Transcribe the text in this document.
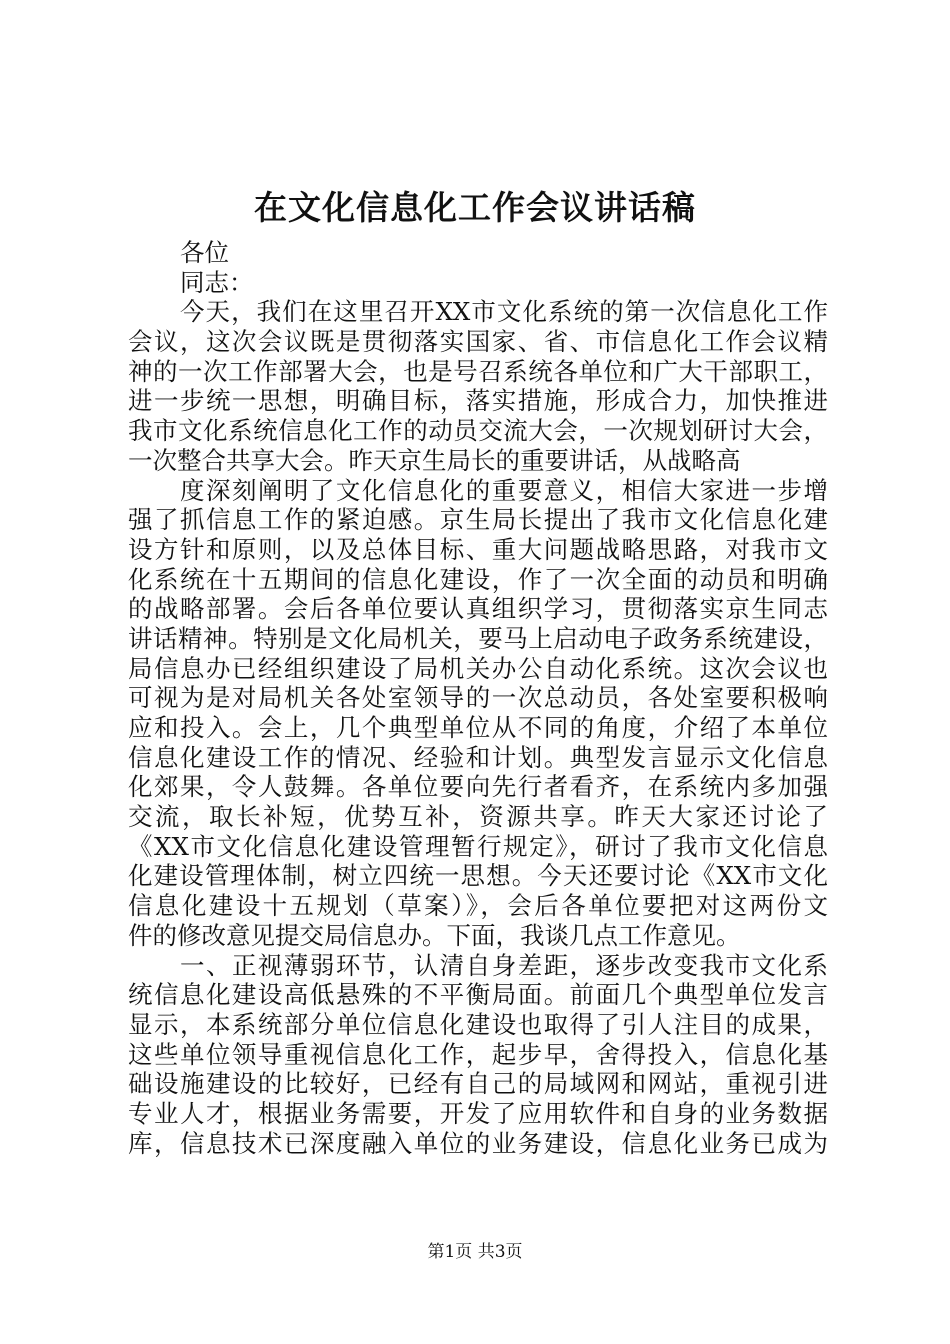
在文化信息化工作会议讲话稿
各位
同志：
今天，我们在这里召开XX市文化系统的第一次信息化工作
会议，这次会议既是贯彻落实国家、省、市信息化工作会议精
神的一次工作部署大会，也是号召系统各单位和广大干部职工，
进一步统一思想，明确目标，落实措施，形成合力，加快推进
我市文化系统信息化工作的动员交流大会，一次规划研讨大会，
一次整合共享大会。昨天京生局长的重要讲话，从战略高
度深刻阐明了文化信息化的重要意义，相信大家进一步增
强了抓信息工作的紧迫感。京生局长提出了我市文化信息化建
设方针和原则，以及总体目标、重大问题战略思路，对我市文
化系统在十五期间的信息化建设，作了一次全面的动员和明确
的战略部署。会后各单位要认真组织学习，贯彻落实京生同志
讲话精神。特别是文化局机关，要马上启动电子政务系统建设，
局信息办已经组织建设了局机关办公自动化系统。这次会议也
可视为是对局机关各处室领导的一次总动员，各处室要积极响
应和投入。会上，几个典型单位从不同的角度，介绍了本单位
信息化建设工作的情况、经验和计划。典型发言显示文化信息
化郊果，令人鼓舞。各单位要向先行者看齐，在系统内多加强
交流，取长补短，优势互补，资源共享。昨天大家还讨论了
《XX市文化信息化建设管理暂行规定》，研讨了我市文化信息
化建设管理体制，树立四统一思想。今天还要讨论《XX市文化
信息化建设十五规划（草案）》，会后各单位要把对这两份文
件的修改意见提交局信息办。下面，我谈几点工作意见。
一、正视薄弱环节，认清自身差距，逐步改变我市文化系
统信息化建设高低悬殊的不平衡局面。前面几个典型单位发言
显示，本系统部分单位信息化建设也取得了引人注目的成果，
这些单位领导重视信息化工作，起步早，舍得投入，信息化基
础设施建设的比较好，已经有自己的局域网和网站，重视引进
专业人才，根据业务需要，开发了应用软件和自身的业务数据
库，信息技术已深度融入单位的业务建设，信息化业务已成为
第1页 共3页
